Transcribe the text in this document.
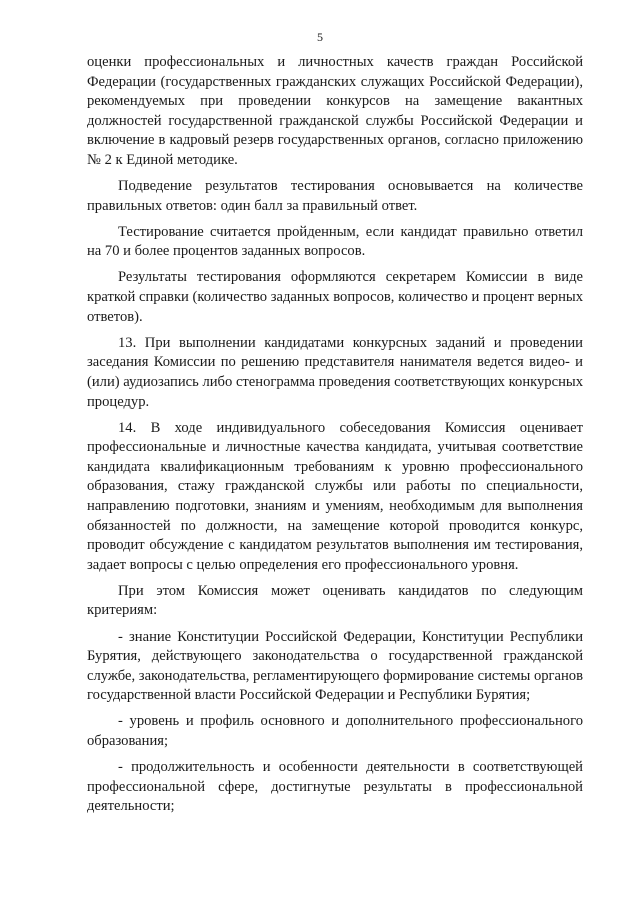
5

оценки профессиональных и личностных качеств граждан Российской Федерации (государственных гражданских служащих Российской Федерации), рекомендуемых при проведении конкурсов на замещение вакантных должностей государственной гражданской службы Российской Федерации и включение в кадровый резерв государственных органов, согласно приложению № 2 к Единой методике.

Подведение результатов тестирования основывается на количестве правильных ответов: один балл за правильный ответ.

Тестирование считается пройденным, если кандидат правильно ответил на 70 и более процентов заданных вопросов.

Результаты тестирования оформляются секретарем Комиссии в виде краткой справки (количество заданных вопросов, количество и процент верных ответов).

13. При выполнении кандидатами конкурсных заданий и проведении заседания Комиссии по решению представителя нанимателя ведется видео- и (или) аудиозапись либо стенограмма проведения соответствующих конкурсных процедур.

14. В ходе индивидуального собеседования Комиссия оценивает профессиональные и личностные качества кандидата, учитывая соответствие кандидата квалификационным требованиям к уровню профессионального образования, стажу гражданской службы или работы по специальности, направлению подготовки, знаниям и умениям, необходимым для выполнения обязанностей по должности, на замещение которой проводится конкурс, проводит обсуждение с кандидатом результатов выполнения им тестирования, задает вопросы с целью определения его профессионального уровня.

При этом Комиссия может оценивать кандидатов по следующим критериям:

- знание Конституции Российской Федерации, Конституции Республики Бурятия, действующего законодательства о государственной гражданской службе, законодательства, регламентирующего формирование системы органов государственной власти Российской Федерации и Республики Бурятия;

- уровень и профиль основного и дополнительного профессионального образования;

- продолжительность и особенности деятельности в соответствующей профессиональной сфере, достигнутые результаты в профессиональной деятельности;
